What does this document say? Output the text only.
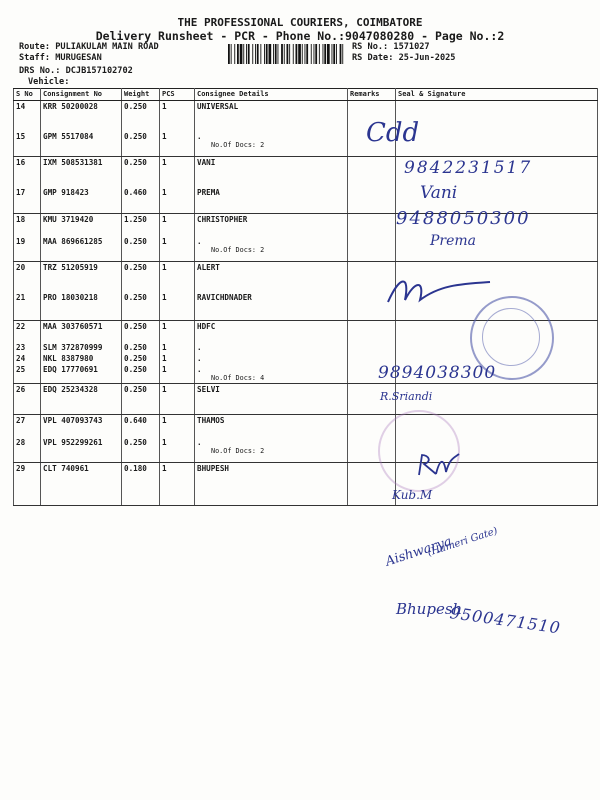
THE PROFESSIONAL COURIERS, COIMBATORE
Delivery Runsheet - PCR - Phone No.:9047080280 - Page No.:2
Route: PULIAKULAM MAIN ROAD
Staff: MURUGESAN
DRS No.: DCJB157102702
Vehicle:
RS No.: 1571027
RS Date: 25-Jun-2025
S No	Consignment No	Weight	PCS	Consignee Details	Remarks	Seal & Signature
14	KRR 50200028	0.250	1	UNIVERSAL		
15	GPM 5517084	0.250	1	.
No.Of Docs: 2		

16	IXM 508531381	0.250	1	VANI		
17	GMP 918423	0.460	1	PREMA		
18	KMU 3719420	1.250	1	CHRISTOPHER		
19	MAA 869661285	0.250	1	.
No.Of Docs: 2		

20	TRZ 51205919	0.250	1	ALERT		
21	PRO 18030218	0.250	1	RAVICHDNADER		
22	MAA 303760571	0.250	1	HDFC		
23	SLM 372870999	0.250	1	.		
24	NKL 8387980	0.250	1	.		
25	EDQ 17770691	0.250	1	.
No.Of Docs: 4		

26	EDQ 25234328	0.250	1	SELVI		
27	VPL 407093743	0.640	1	THAMOS		
28	VPL 952299261	0.250	1	.
No.Of Docs: 2		

29	CLT 740961	0.180	1	BHUPESH		
Cdd
9842231517
Vani
9488050300
Prema
9894038300
R.Sriandi
Kub.M
Aishwarya
(Hameri Gate)
Bhupesh
9500471510
